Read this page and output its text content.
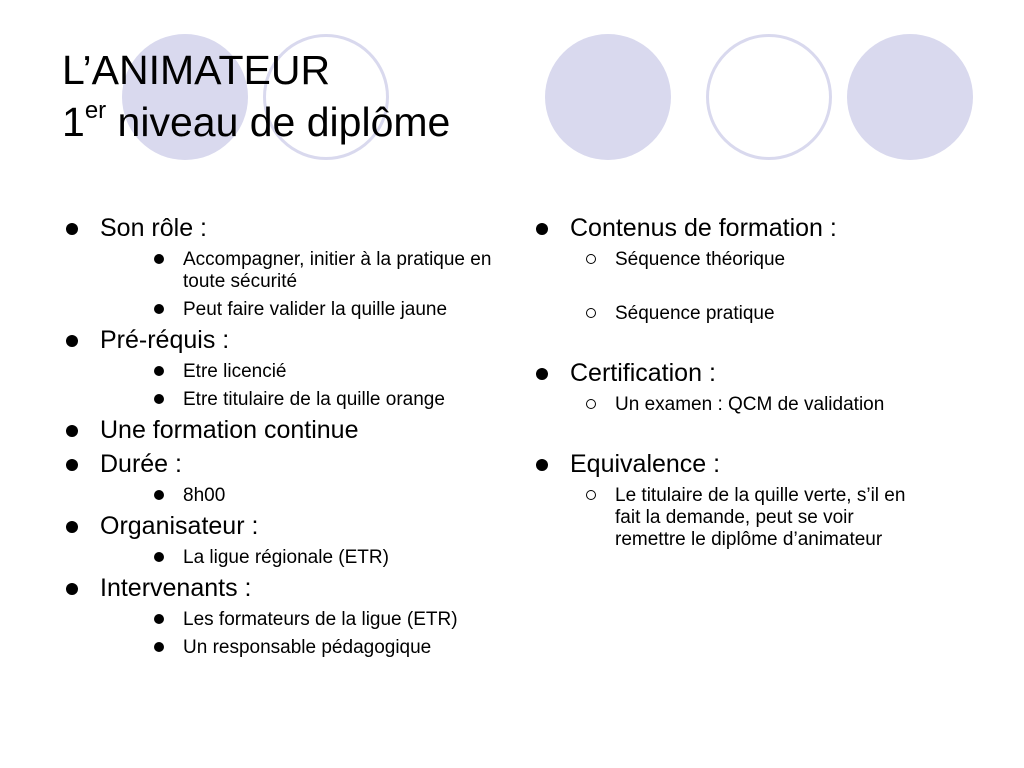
L’ANIMATEUR
1er niveau de diplôme
Son rôle :
Accompagner, initier à la pratique en toute sécurité
Peut faire valider la quille jaune
Pré-réquis :
Etre licencié
Etre titulaire de la quille orange
Une formation continue
Durée :
8h00
Organisateur :
La ligue régionale (ETR)
Intervenants :
Les formateurs de la ligue (ETR)
Un responsable pédagogique
Contenus de formation :
Séquence théorique
Séquence pratique
Certification :
Un examen : QCM de validation
Equivalence :
Le titulaire de la quille verte, s’il en fait la demande, peut se voir remettre le diplôme d’animateur
